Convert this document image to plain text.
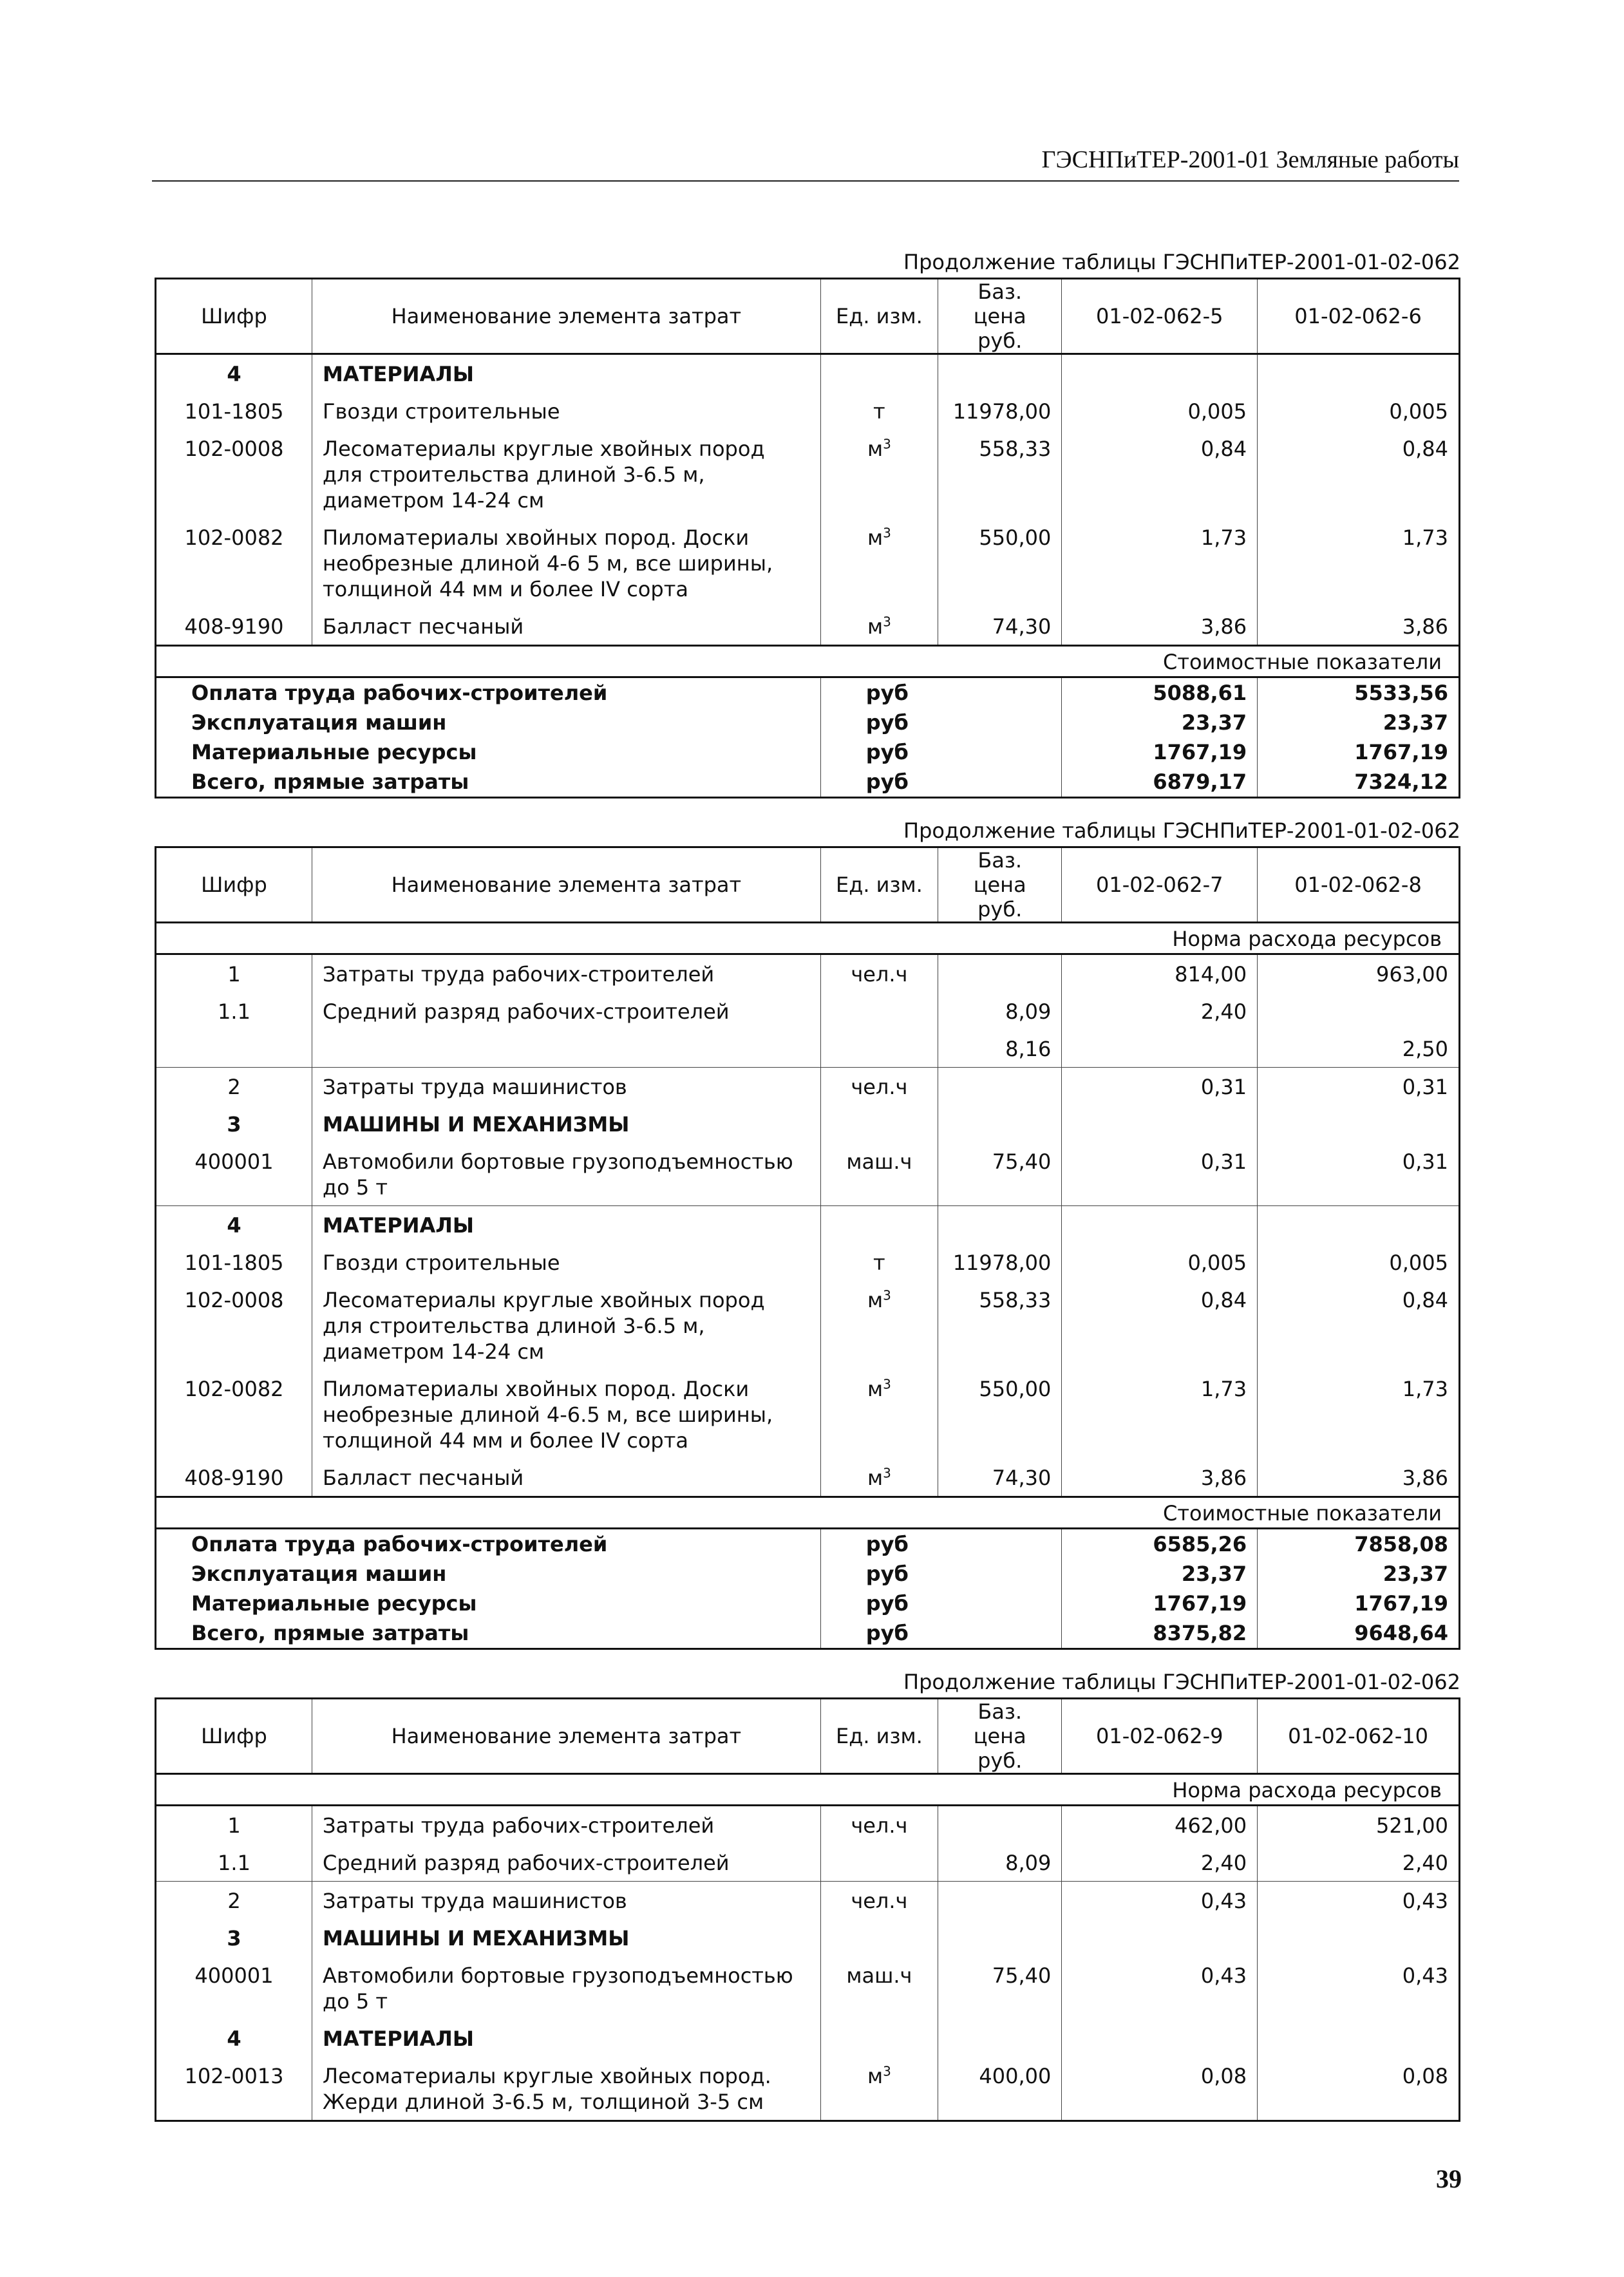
ГЭСНПиТЕР-2001-01 Земляные работы
Продолжение таблицы ГЭСНПиТЕР-2001-01-02-062
Шифр	Наименование элемента затрат	Ед. изм.	Баз. цена руб.	01-02-062-5	01-02-062-6
4	МАТЕРИАЛЫ				
101-1805	Гвозди строительные	т	11978,00	0,005	0,005
102-0008	Лесоматериалы круглые хвойных пород для строительства длиной 3-6.5 м, диаметром 14-24 см	$м^3$	558,33	0,84	0,84
102-0082	Пиломатериалы хвойных пород. Доски необрезные длиной 4-6 5 м, все ширины, толщиной 44 мм и более IV сорта	$м^3$	550,00	1,73	1,73
408-9190	Балласт песчаный	$м^3$	74,30	3,86	3,86
Стоимостные показатели					
Оплата труда рабочих-строителей		руб		5088,61	5533,56
Эксплуатация машин		руб		23,37	23,37
Материальные ресурсы		руб		1767,19	1767,19
Всего, прямые затраты		руб		6879,17	7324,12
Продолжение таблицы ГЭСНПиТЕР-2001-01-02-062
Шифр	Наименование элемента затрат	Ед. изм.	Баз. цена руб.	01-02-062-7	01-02-062-8
Норма расхода ресурсов					
1	Затраты труда рабочих-строителей	чел.ч		814,00	963,00
1.1	Средний разряд рабочих-строителей		8,09	2,40	
			8,16		2,50
2	Затраты труда машинистов	чел.ч		0,31	0,31
3	МАШИНЫ И МЕХАНИЗМЫ				
400001	Автомобили бортовые грузоподъемностью до 5 т	маш.ч	75,40	0,31	0,31
4	МАТЕРИАЛЫ				
101-1805	Гвозди строительные	т	11978,00	0,005	0,005
102-0008	Лесоматериалы круглые хвойных пород для строительства длиной 3-6.5 м, диаметром 14-24 см	$м^3$	558,33	0,84	0,84
102-0082	Пиломатериалы хвойных пород. Доски необрезные длиной 4-6.5 м, все ширины, толщиной 44 мм и более IV сорта	$м^3$	550,00	1,73	1,73
408-9190	Балласт песчаный	$м^3$	74,30	3,86	3,86
Стоимостные показатели					
Оплата труда рабочих-строителей		руб		6585,26	7858,08
Эксплуатация машин		руб		23,37	23,37
Материальные ресурсы		руб		1767,19	1767,19
Всего, прямые затраты		руб		8375,82	9648,64
Продолжение таблицы ГЭСНПиТЕР-2001-01-02-062
Шифр	Наименование элемента затрат	Ед. изм.	Баз. цена руб.	01-02-062-9	01-02-062-10
Норма расхода ресурсов					
1	Затраты труда рабочих-строителей	чел.ч		462,00	521,00
1.1	Средний разряд рабочих-строителей		8,09	2,40	2,40
2	Затраты труда машинистов	чел.ч		0,43	0,43
3	МАШИНЫ И МЕХАНИЗМЫ				
400001	Автомобили бортовые грузоподъемностью до 5 т	маш.ч	75,40	0,43	0,43
4	МАТЕРИАЛЫ				
102-0013	Лесоматериалы круглые хвойных пород. Жерди длиной 3-6.5 м, толщиной 3-5 см	$м^3$	400,00	0,08	0,08
39
